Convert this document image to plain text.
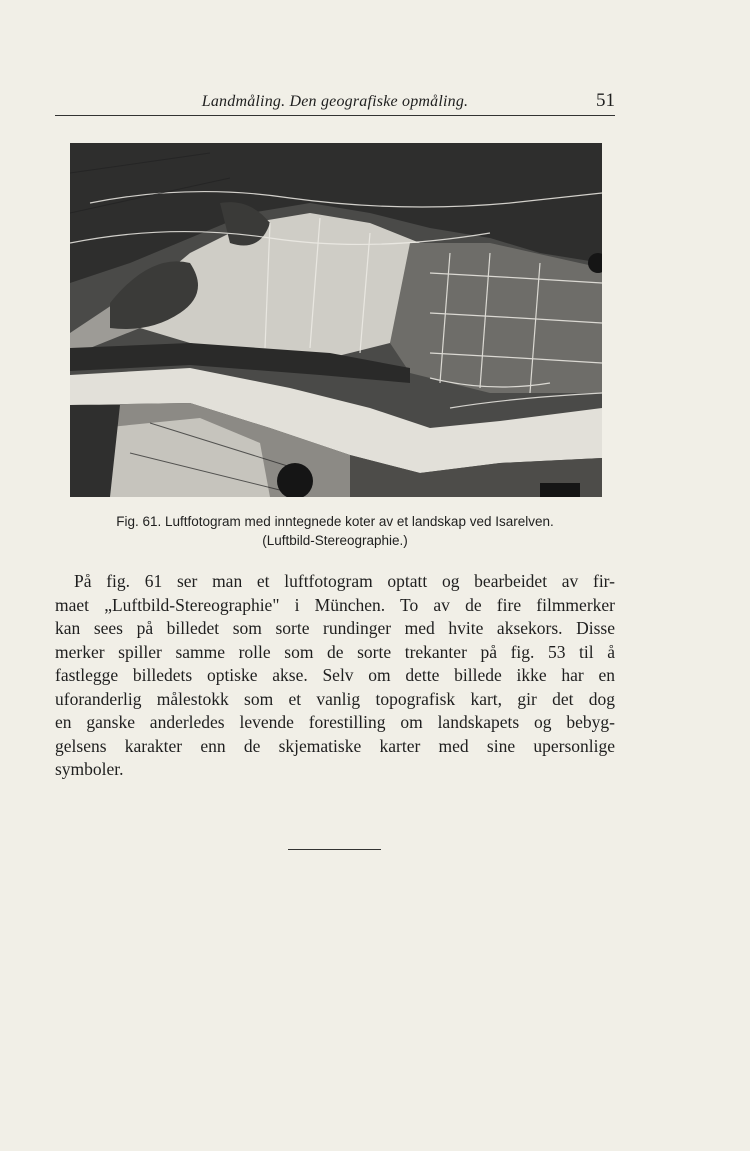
Landmåling. Den geografiske opmåling.	51
Fig. 61. Luftfotogram med inntegnede koter av et landskap ved Isarelven.
(Luftbild-Stereographie.)
På fig. 61 ser man et luftfotogram optatt og bearbeidet av fir-
maet „Luftbild-Stereographie" i München. To av de fire filmmerker
kan sees på billedet som sorte rundinger med hvite aksekors. Disse
merker spiller samme rolle som de sorte trekanter på fig. 53 til å
fastlegge billedets optiske akse. Selv om dette billede ikke har en
uforanderlig målestokk som et vanlig topografisk kart, gir det dog
en ganske anderledes levende forestilling om landskapets og bebyg-
gelsens karakter enn de skjematiske karter med sine upersonlige
symboler.
